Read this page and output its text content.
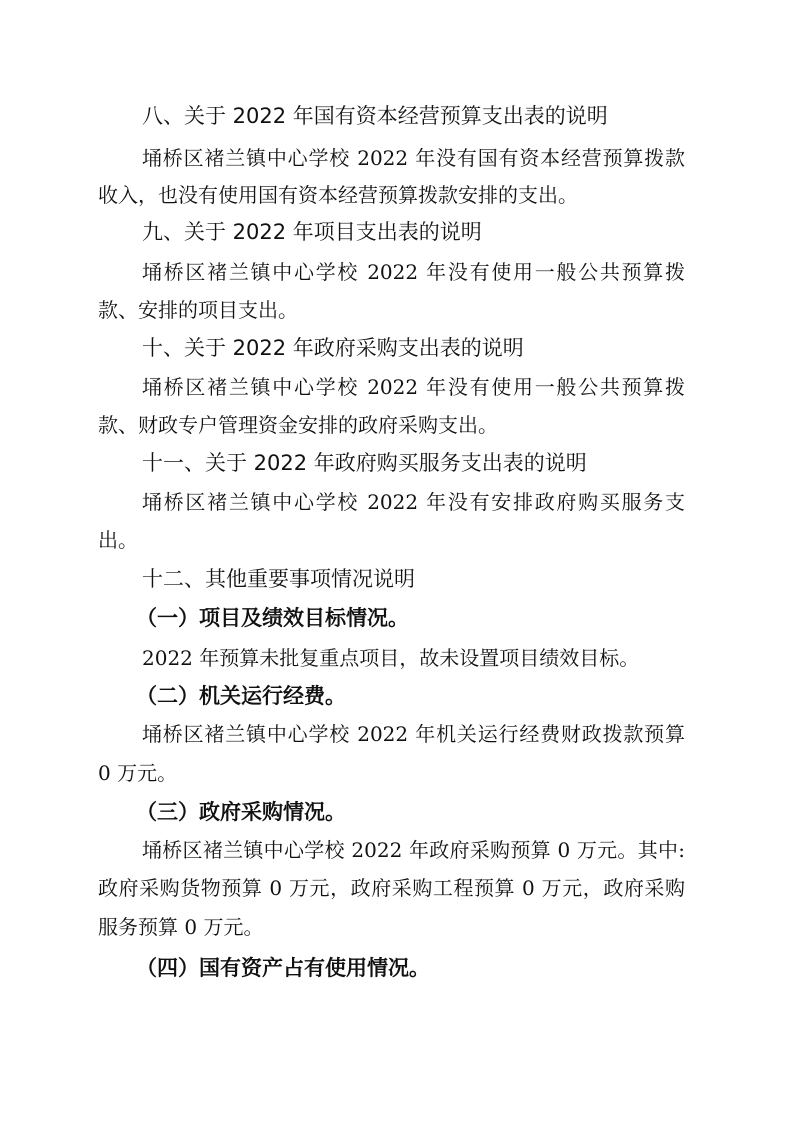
八、关于 2022 年国有资本经营预算支出表的说明
埇桥区褚兰镇中心学校 2022 年没有国有资本经营预算拨款
收入，也没有使用国有资本经营预算拨款安排的支出。
九、关于 2022 年项目支出表的说明
埇桥区褚兰镇中心学校 2022 年没有使用一般公共预算拨
款、安排的项目支出。
十、关于 2022 年政府采购支出表的说明
埇桥区褚兰镇中心学校 2022 年没有使用一般公共预算拨
款、财政专户管理资金安排的政府采购支出。
十一、关于 2022 年政府购买服务支出表的说明
埇桥区褚兰镇中心学校 2022 年没有安排政府购买服务支
出。
十二、其他重要事项情况说明
（一）项目及绩效目标情况。
2022 年预算未批复重点项目，故未设置项目绩效目标。
（二）机关运行经费。
埇桥区褚兰镇中心学校 2022 年机关运行经费财政拨款预算
0 万元。
（三）政府采购情况。
埇桥区褚兰镇中心学校 2022 年政府采购预算 0 万元。其中:
政府采购货物预算 0 万元，政府采购工程预算 0 万元，政府采购
服务预算 0 万元。
（四）国有资产占有使用情况。
